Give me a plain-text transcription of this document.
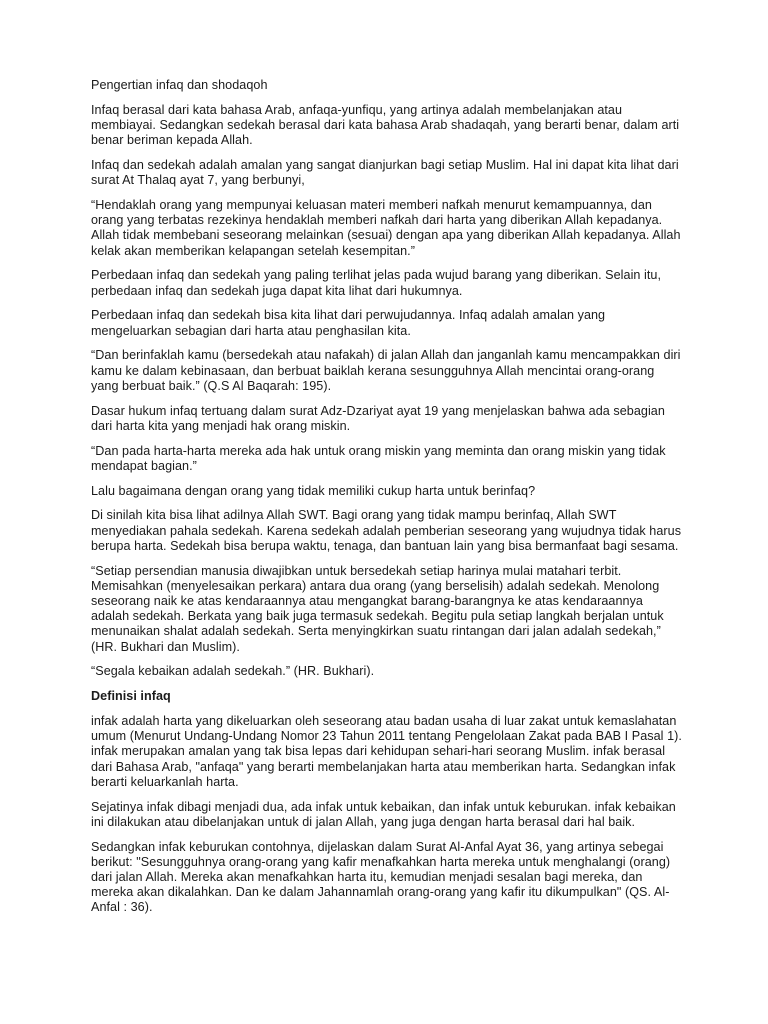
Pengertian infaq dan shodaqoh

Infaq berasal dari kata bahasa Arab, anfaqa-yunfiqu, yang artinya adalah membelanjakan atau membiayai. Sedangkan sedekah berasal dari kata bahasa Arab shadaqah, yang berarti benar, dalam arti benar beriman kepada Allah.

Infaq dan sedekah adalah amalan yang sangat dianjurkan bagi setiap Muslim. Hal ini dapat kita lihat dari surat At Thalaq ayat 7, yang berbunyi,

“Hendaklah orang yang mempunyai keluasan materi memberi nafkah menurut kemampuannya, dan orang yang terbatas rezekinya hendaklah memberi nafkah dari harta yang diberikan Allah kepadanya. Allah tidak membebani seseorang melainkan (sesuai) dengan apa yang diberikan Allah kepadanya. Allah kelak akan memberikan kelapangan setelah kesempitan.”

Perbedaan infaq dan sedekah yang paling terlihat jelas pada wujud barang yang diberikan. Selain itu, perbedaan infaq dan sedekah juga dapat kita lihat dari hukumnya.

Perbedaan infaq dan sedekah bisa kita lihat dari perwujudannya. Infaq adalah amalan yang mengeluarkan sebagian dari harta atau penghasilan kita.

“Dan berinfaklah kamu (bersedekah atau nafakah) di jalan Allah dan janganlah kamu mencampakkan diri kamu ke dalam kebinasaan, dan berbuat baiklah kerana sesungguhnya Allah mencintai orang-orang yang berbuat baik.” (Q.S Al Baqarah: 195).

Dasar hukum infaq tertuang dalam surat Adz-Dzariyat ayat 19 yang menjelaskan bahwa ada sebagian dari harta kita yang menjadi hak orang miskin.

“Dan pada harta-harta mereka ada hak untuk orang miskin yang meminta dan orang miskin yang tidak mendapat bagian.”

Lalu bagaimana dengan orang yang tidak memiliki cukup harta untuk berinfaq?

Di sinilah kita bisa lihat adilnya Allah SWT. Bagi orang yang tidak mampu berinfaq, Allah SWT menyediakan pahala sedekah. Karena sedekah adalah pemberian seseorang yang wujudnya tidak harus berupa harta. Sedekah bisa berupa waktu, tenaga, dan bantuan lain yang bisa bermanfaat bagi sesama.

“Setiap persendian manusia diwajibkan untuk bersedekah setiap harinya mulai matahari terbit. Memisahkan (menyelesaikan perkara) antara dua orang (yang berselisih) adalah sedekah. Menolong seseorang naik ke atas kendaraannya atau mengangkat barang-barangnya ke atas kendaraannya adalah sedekah. Berkata yang baik juga termasuk sedekah. Begitu pula setiap langkah berjalan untuk menunaikan shalat adalah sedekah. Serta menyingkirkan suatu rintangan dari jalan adalah sedekah,” (HR. Bukhari dan Muslim).

“Segala kebaikan adalah sedekah.” (HR. Bukhari).

Definisi infaq

infak adalah harta yang dikeluarkan oleh seseorang atau badan usaha di luar zakat untuk kemaslahatan umum (Menurut Undang-Undang Nomor 23 Tahun 2011 tentang Pengelolaan Zakat pada BAB I Pasal 1). infak merupakan amalan yang tak bisa lepas dari kehidupan sehari-hari seorang Muslim. infak berasal dari Bahasa Arab, "anfaqa" yang berarti membelanjakan harta atau memberikan harta. Sedangkan infak berarti keluarkanlah harta.

Sejatinya infak dibagi menjadi dua, ada infak untuk kebaikan, dan infak untuk keburukan. infak kebaikan ini dilakukan atau dibelanjakan untuk di jalan Allah, yang juga dengan harta berasal dari hal baik.

Sedangkan infak keburukan contohnya, dijelaskan dalam Surat Al-Anfal Ayat 36, yang artinya sebegai berikut: "Sesungguhnya orang-orang yang kafir menafkahkan harta mereka untuk menghalangi (orang) dari jalan Allah. Mereka akan menafkahkan harta itu, kemudian menjadi sesalan bagi mereka, dan mereka akan dikalahkan. Dan ke dalam Jahannamlah orang-orang yang kafir itu dikumpulkan" (QS. Al-Anfal : 36).
